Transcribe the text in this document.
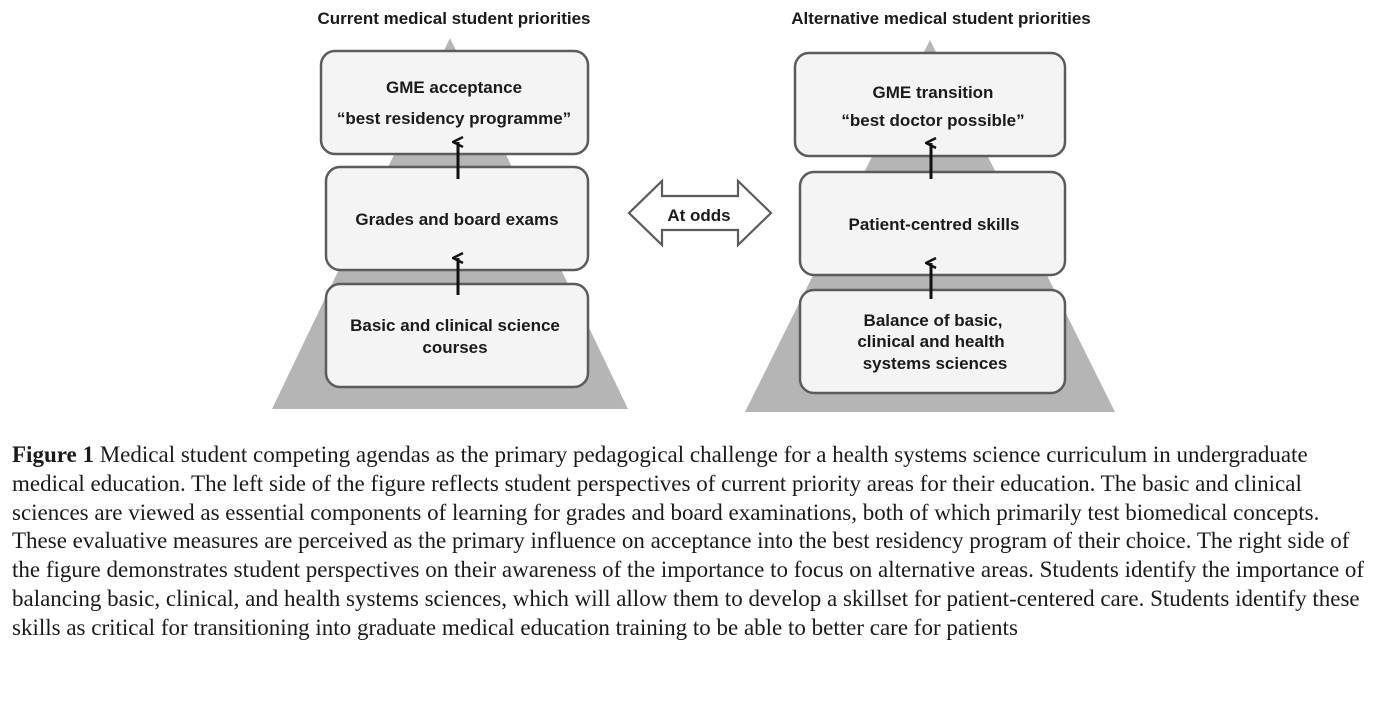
Current medical student priorities
GME acceptance
“best residency programme”
Grades and board exams
Basic and clinical science
courses
At odds
Alternative medical student priorities
GME transition
“best doctor possible”
Patient-centred skills
Balance of basic,
clinical and health
systems sciences

Figure 1 Medical student competing agendas as the primary pedagogical challenge for a health systems science curriculum in undergraduate medical education. The left side of the figure reflects student perspectives of current priority areas for their education. The basic and clinical sciences are viewed as essential components of learning for grades and board examinations, both of which primarily test biomedical concepts. These evaluative measures are perceived as the primary influence on acceptance into the best residency program of their choice. The right side of the figure demonstrates student perspectives on their awareness of the importance to focus on alternative areas. Students identify the importance of balancing basic, clinical, and health systems sciences, which will allow them to develop a skillset for patient-centered care. Students identify these skills as critical for transitioning into graduate medical education training to be able to better care for patients
